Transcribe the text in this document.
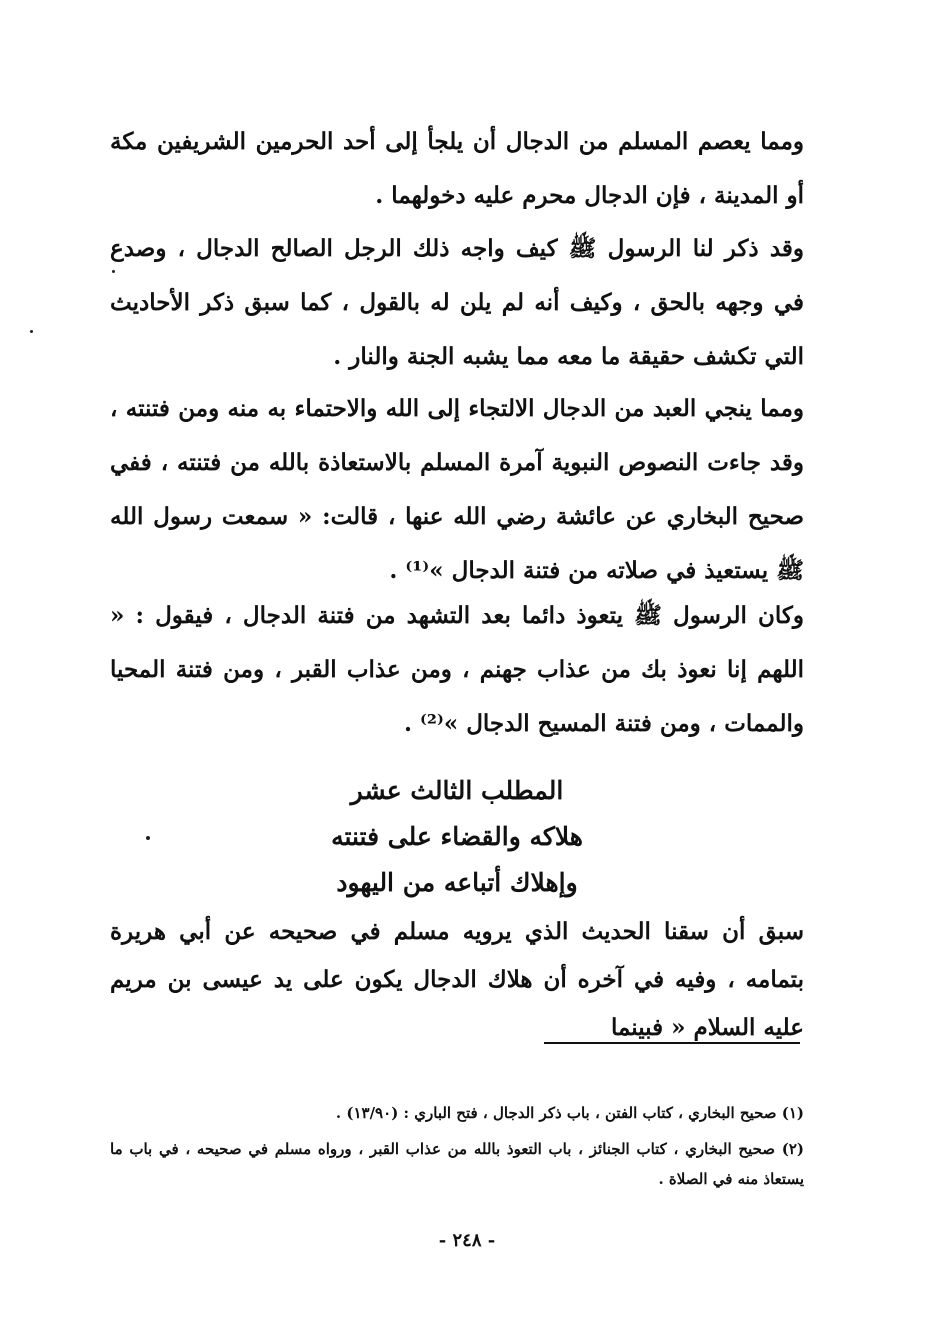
ومما يعصم المسلم من الدجال أن يلجأ إلى أحد الحرمين الشريفين مكة أو المدينة ، فإن الدجال محرم عليه دخولهما .

وقد ذكر لنا الرسول ﷺ كيف واجه ذلك الرجل الصالح الدجال ، وصدع في وجهه بالحق ، وكيف أنه لم يلن له بالقول ، كما سبق ذكر الأحاديث التي تكشف حقيقة ما معه مما يشبه الجنة والنار .

ومما ينجي العبد من الدجال الالتجاء إلى الله والاحتماء به منه ومن فتنته ، وقد جاءت النصوص النبوية آمرة المسلم بالاستعاذة بالله من فتنته ، ففي صحيح البخاري عن عائشة رضي الله عنها ، قالت: « سمعت رسول الله ﷺ يستعيذ في صلاته من فتنة الدجال »⁽¹⁾ .

وكان الرسول ﷺ يتعوذ دائما بعد التشهد من فتنة الدجال ، فيقول : « اللهم إنا نعوذ بك من عذاب جهنم ، ومن عذاب القبر ، ومن فتنة المحيا والممات ، ومن فتنة المسيح الدجال »⁽²⁾ .

المطلب الثالث عشر
هلاكه والقضاء على فتنته
وإهلاك أتباعه من اليهود

سبق أن سقنا الحديث الذي يرويه مسلم في صحيحه عن أبي هريرة بتمامه ، وفيه في آخره أن هلاك الدجال يكون على يد عيسى بن مريم عليه السلام « فبينما

(١) صحيح البخاري ، كتاب الفتن ، باب ذكر الدجال ، فتح الباري : (١٣/٩٠) .

(٢) صحيح البخاري ، كتاب الجنائز ، باب التعوذ بالله من عذاب القبر ، ورواه مسلم في صحيحه ، في باب ما يستعاذ منه في الصلاة .

- ٢٤٨ -
